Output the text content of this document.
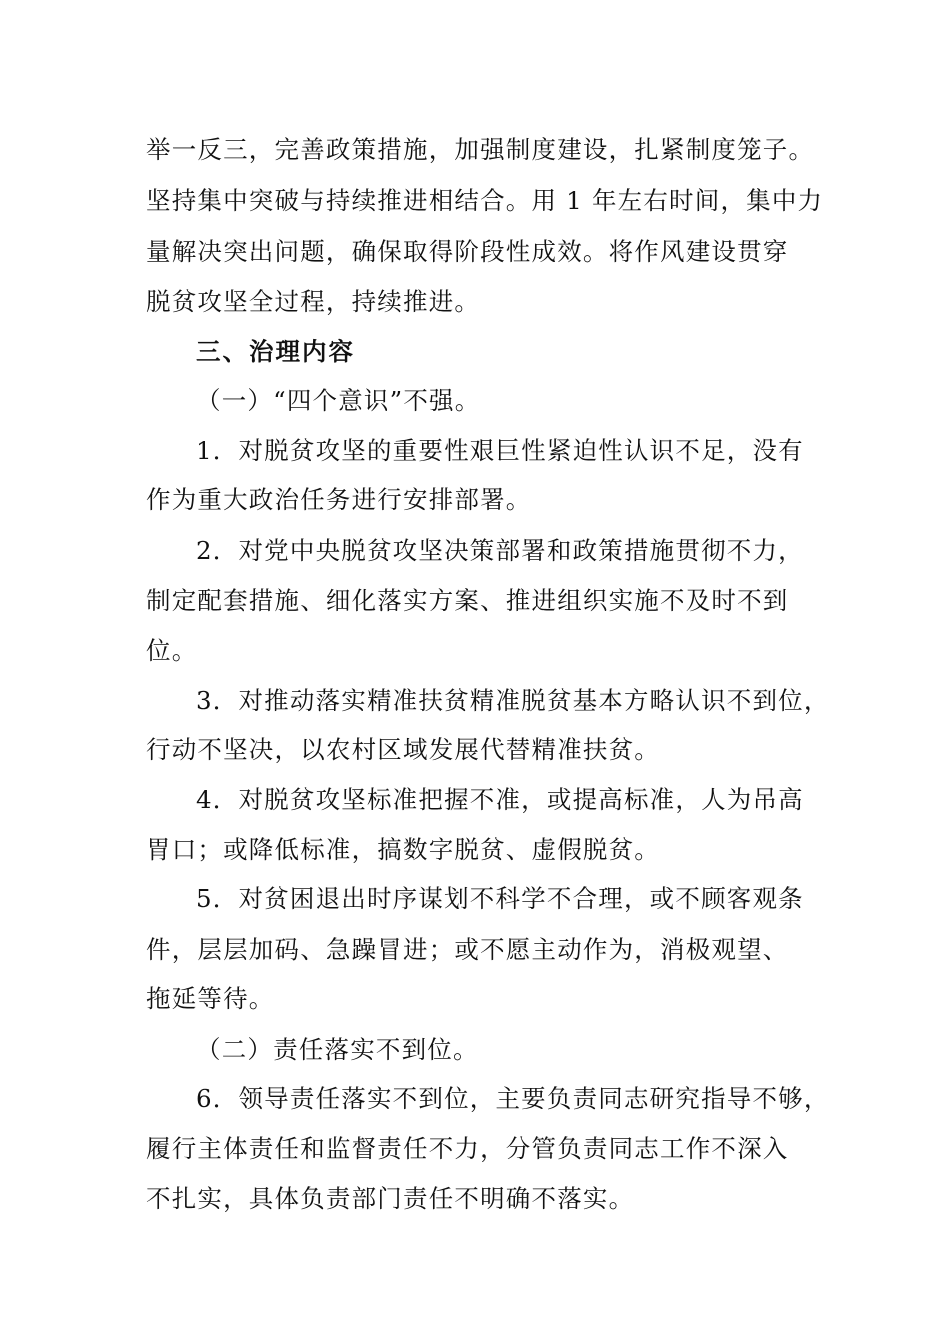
举一反三，完善政策措施，加强制度建设，扎紧制度笼子。
坚持集中突破与持续推进相结合。用 1 年左右时间，集中力
量解决突出问题，确保取得阶段性成效。将作风建设贯穿
脱贫攻坚全过程，持续推进。
三、治理内容
（一）“四个意识”不强。
1．对脱贫攻坚的重要性艰巨性紧迫性认识不足，没有
作为重大政治任务进行安排部署。
2．对党中央脱贫攻坚决策部署和政策措施贯彻不力，
制定配套措施、细化落实方案、推进组织实施不及时不到
位。
3．对推动落实精准扶贫精准脱贫基本方略认识不到位，
行动不坚决，以农村区域发展代替精准扶贫。
4．对脱贫攻坚标准把握不准，或提高标准，人为吊高
胃口；或降低标准，搞数字脱贫、虚假脱贫。
5．对贫困退出时序谋划不科学不合理，或不顾客观条
件，层层加码、急躁冒进；或不愿主动作为，消极观望、
拖延等待。
（二）责任落实不到位。
6．领导责任落实不到位，主要负责同志研究指导不够，
履行主体责任和监督责任不力，分管负责同志工作不深入
不扎实，具体负责部门责任不明确不落实。
